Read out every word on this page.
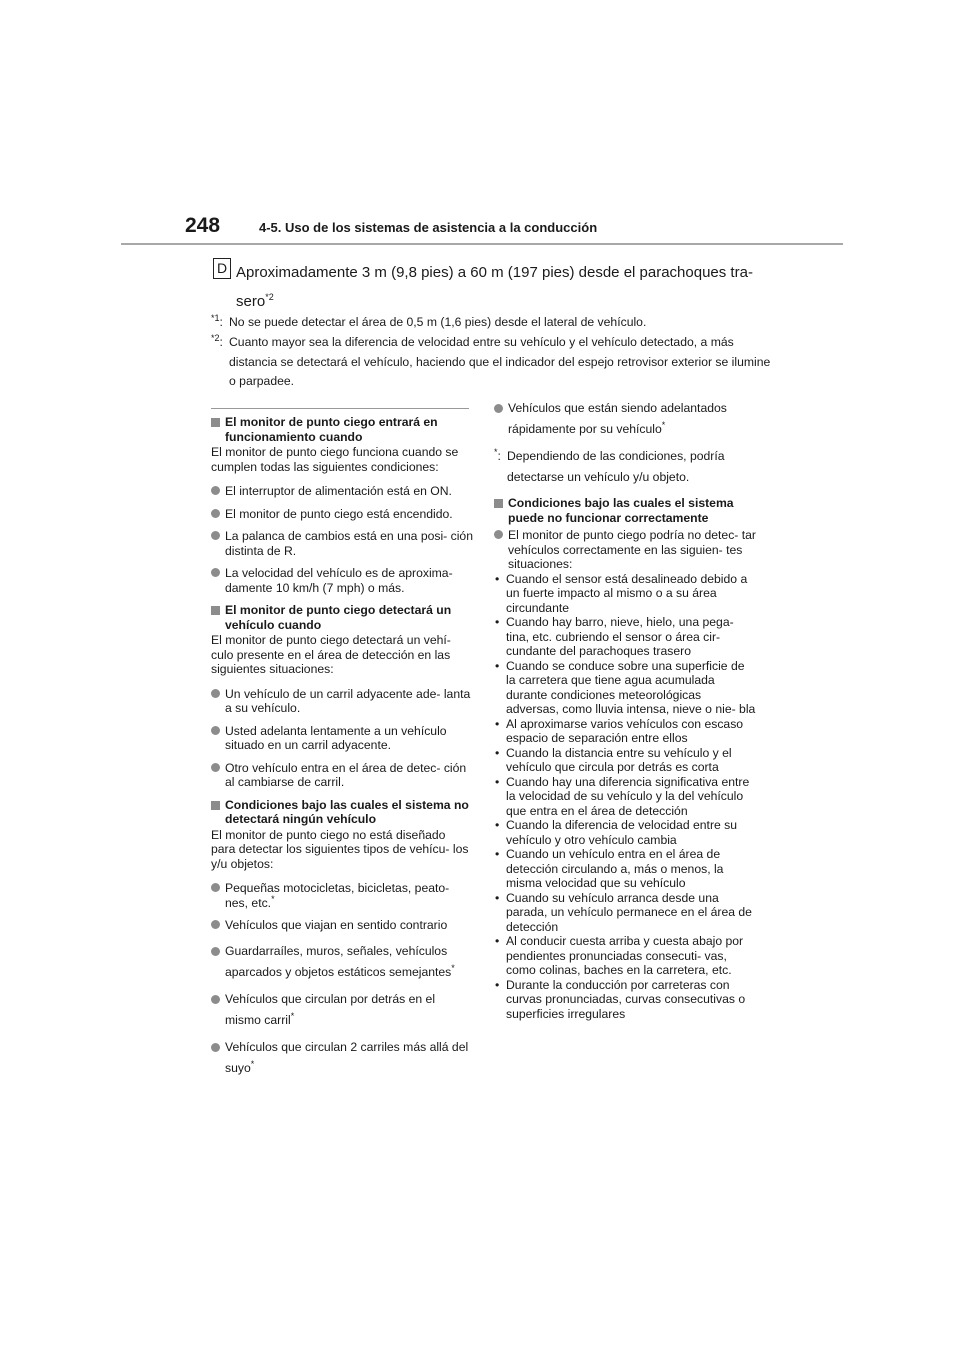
248	4-5. Uso de los sistemas de asistencia a la conducción
D Aproximadamente 3 m (9,8 pies) a 60 m (197 pies) desde el parachoques tra-
sero$^{*2}$
$^{*1}$: No se puede detectar el área de 0,5 m (1,6 pies) desde el lateral de vehículo.
$^{*2}$: Cuanto mayor sea la diferencia de velocidad entre su vehículo y el vehículo detectado, a más distancia se detectará el vehículo, haciendo que el indicador del espejo retrovisor exterior se ilumine o parpadee.
El monitor de punto ciego entrará en funcionamiento cuando
El monitor de punto ciego funciona cuando se cumplen todas las siguientes condiciones:
El interruptor de alimentación está en ON.
El monitor de punto ciego está encendido.
La palanca de cambios está en una posi- ción distinta de R.
La velocidad del vehículo es de aproxima- damente 10 km/h (7 mph) o más.
El monitor de punto ciego detectará un vehículo cuando
El monitor de punto ciego detectará un vehí- culo presente en el área de detección en las siguientes situaciones:
Un vehículo de un carril adyacente ade- lanta a su vehículo.
Usted adelanta lentamente a un vehículo situado en un carril adyacente.
Otro vehículo entra en el área de detec- ción al cambiarse de carril.
Condiciones bajo las cuales el sistema no detectará ningún vehículo
El monitor de punto ciego no está diseñado para detectar los siguientes tipos de vehícu- los y/u objetos:
Pequeñas motocicletas, bicicletas, peato- nes, etc.*
Vehículos que viajan en sentido contrario
Guardarraíles, muros, señales, vehículos aparcados y objetos estáticos semejantes*
Vehículos que circulan por detrás en el mismo carril*
Vehículos que circulan 2 carriles más allá del suyo*
Vehículos que están siendo adelantados rápidamente por su vehículo*
*: Dependiendo de las condiciones, podría detectarse un vehículo y/u objeto.
Condiciones bajo las cuales el sistema puede no funcionar correctamente
El monitor de punto ciego podría no detec- tar vehículos correctamente en las siguien- tes situaciones:
• Cuando el sensor está desalineado debido a un fuerte impacto al mismo o a su área circundante
• Cuando hay barro, nieve, hielo, una pega- tina, etc. cubriendo el sensor o área cir- cundante del parachoques trasero
• Cuando se conduce sobre una superficie de la carretera que tiene agua acumulada durante condiciones meteorológicas adversas, como lluvia intensa, nieve o nie- bla
• Al aproximarse varios vehículos con escaso espacio de separación entre ellos
• Cuando la distancia entre su vehículo y el vehículo que circula por detrás es corta
• Cuando hay una diferencia significativa entre la velocidad de su vehículo y la del vehículo que entra en el área de detección
• Cuando la diferencia de velocidad entre su vehículo y otro vehículo cambia
• Cuando un vehículo entra en el área de detección circulando a, más o menos, la misma velocidad que su vehículo
• Cuando su vehículo arranca desde una parada, un vehículo permanece en el área de detección
• Al conducir cuesta arriba y cuesta abajo por pendientes pronunciadas consecuti- vas, como colinas, baches en la carretera, etc.
• Durante la conducción por carreteras con curvas pronunciadas, curvas consecutivas o superficies irregulares
